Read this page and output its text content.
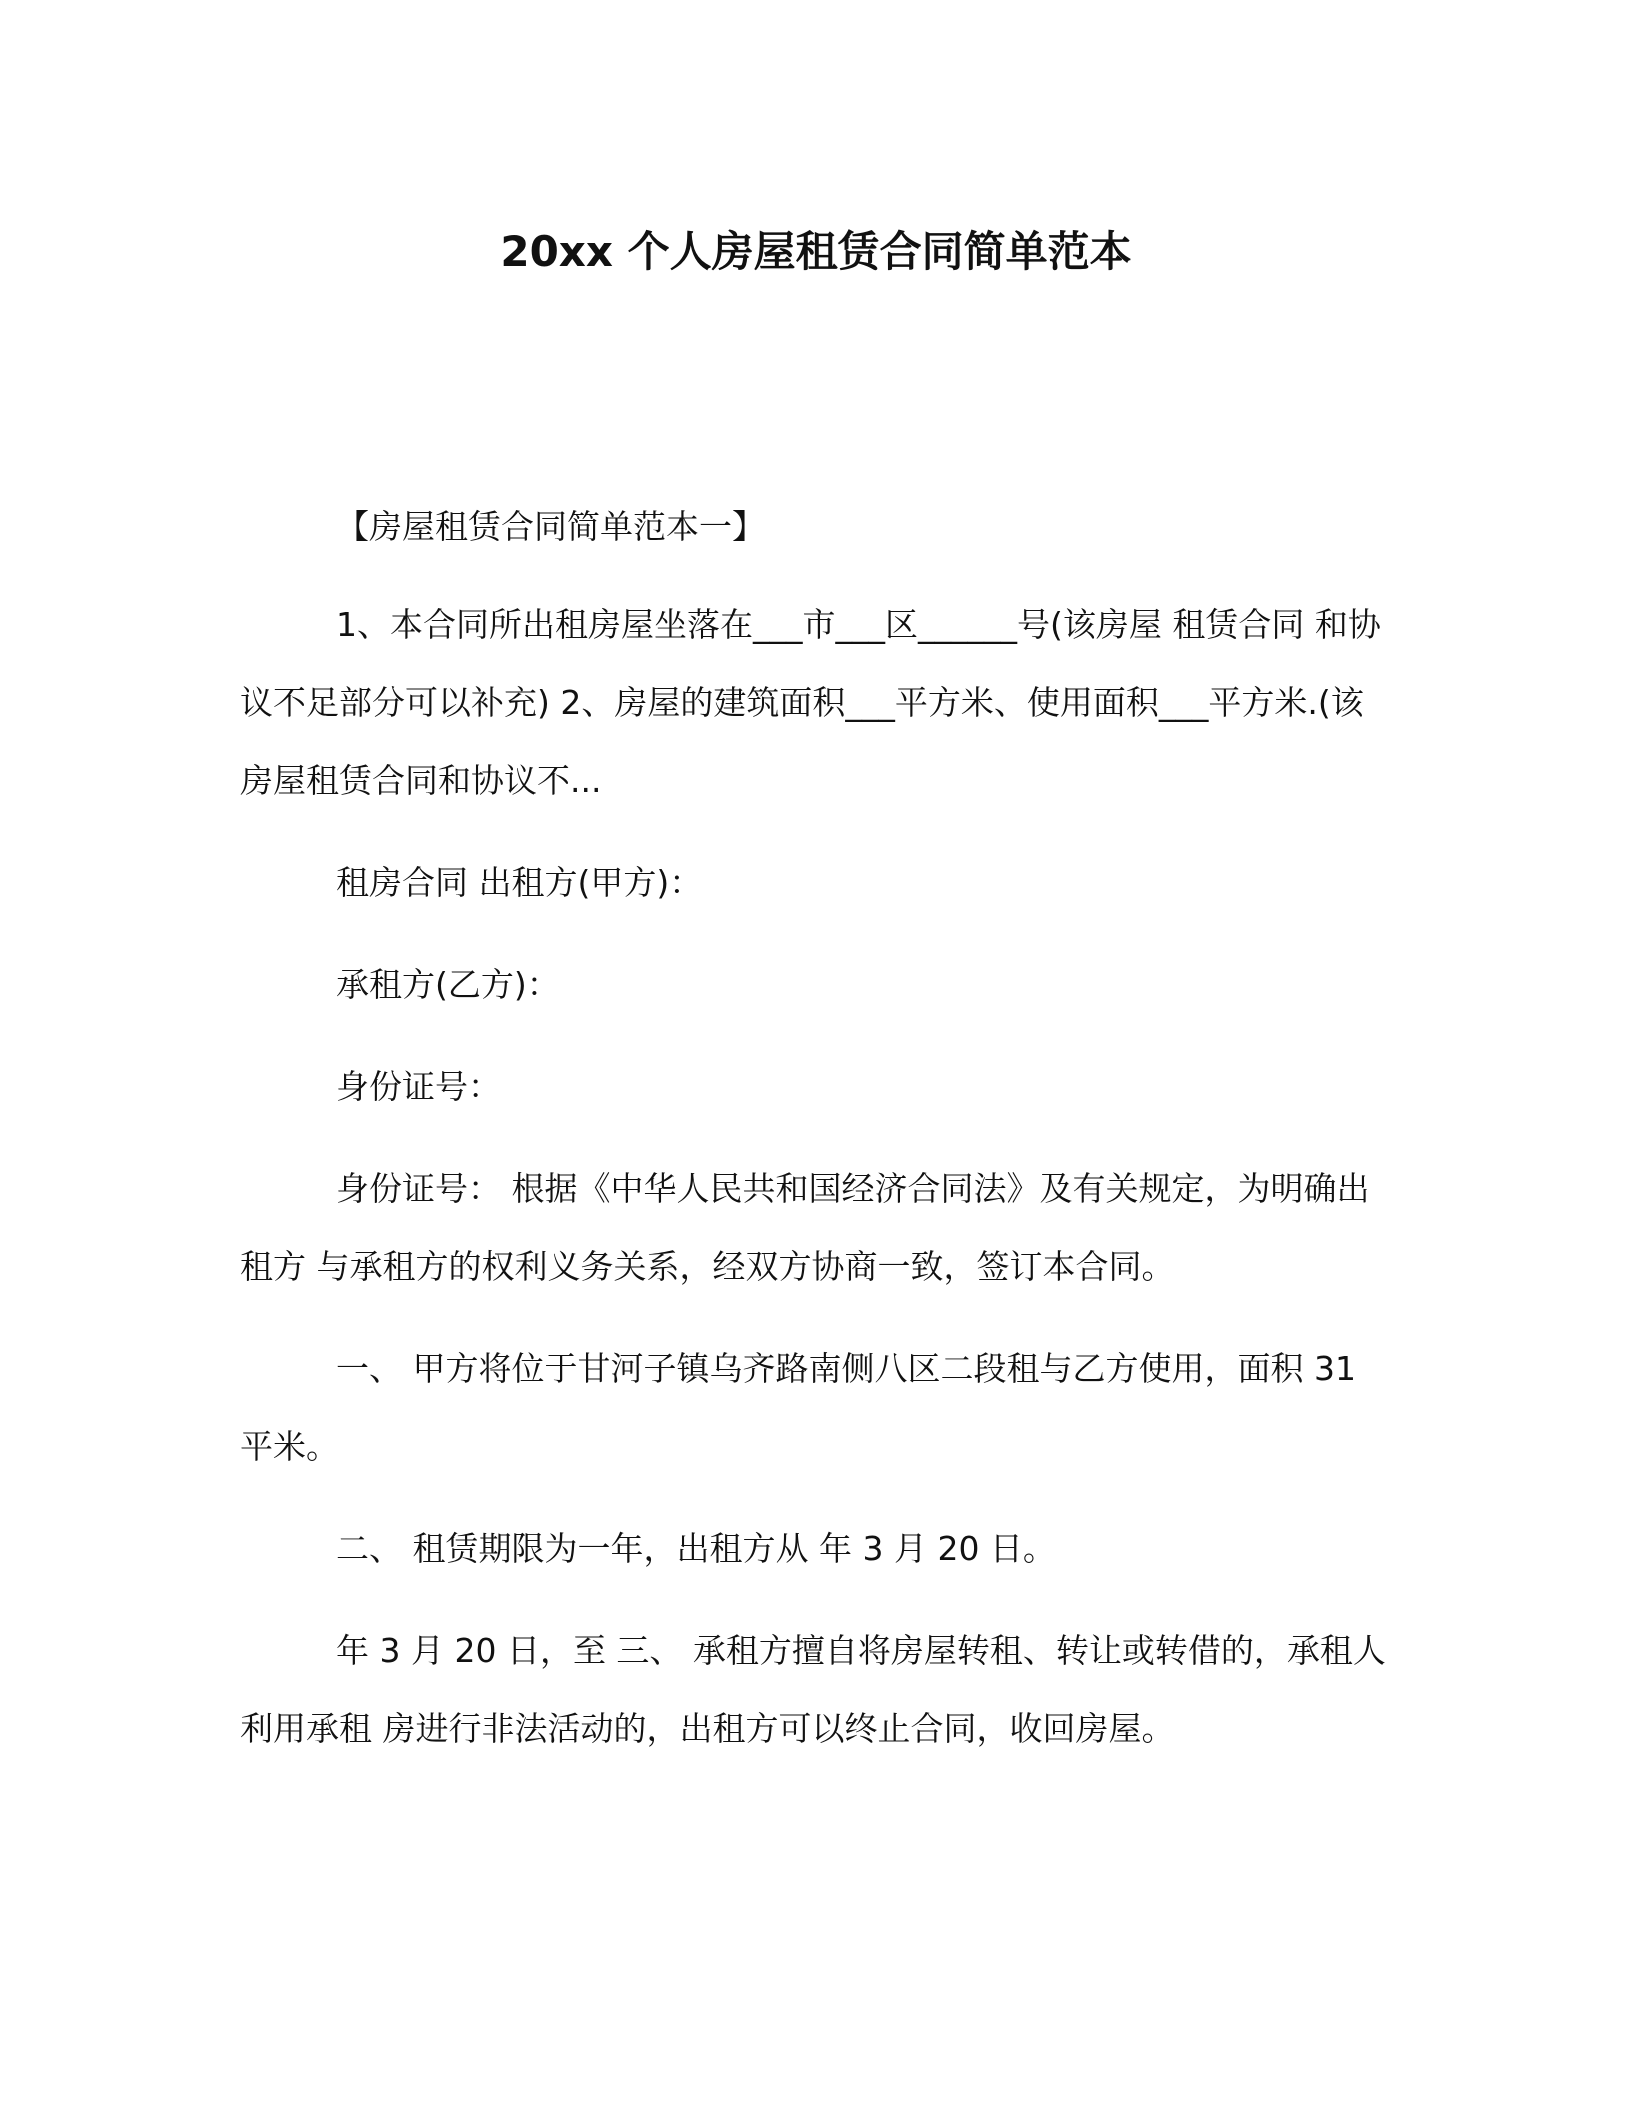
20xx 个人房屋租赁合同简单范本

【房屋租赁合同简单范本一】

1、本合同所出租房屋坐落在___市___区______号(该房屋 租赁合同 和协议不足部分可以补充) 2、房屋的建筑面积___平方米、使用面积___平方米.(该房屋租赁合同和协议不...

租房合同 出租方(甲方)：

承租方(乙方)：

身份证号：

身份证号： 根据《中华人民共和国经济合同法》及有关规定，为明确出租方 与承租方的权利义务关系，经双方协商一致，签订本合同。

一、 甲方将位于甘河子镇乌齐路南侧八区二段租与乙方使用，面积 31 平米。

二、 租赁期限为一年，出租方从 年 3 月 20 日。

年 3 月 20 日，至 三、 承租方擅自将房屋转租、转让或转借的，承租人利用承租 房进行非法活动的，出租方可以终止合同，收回房屋。
